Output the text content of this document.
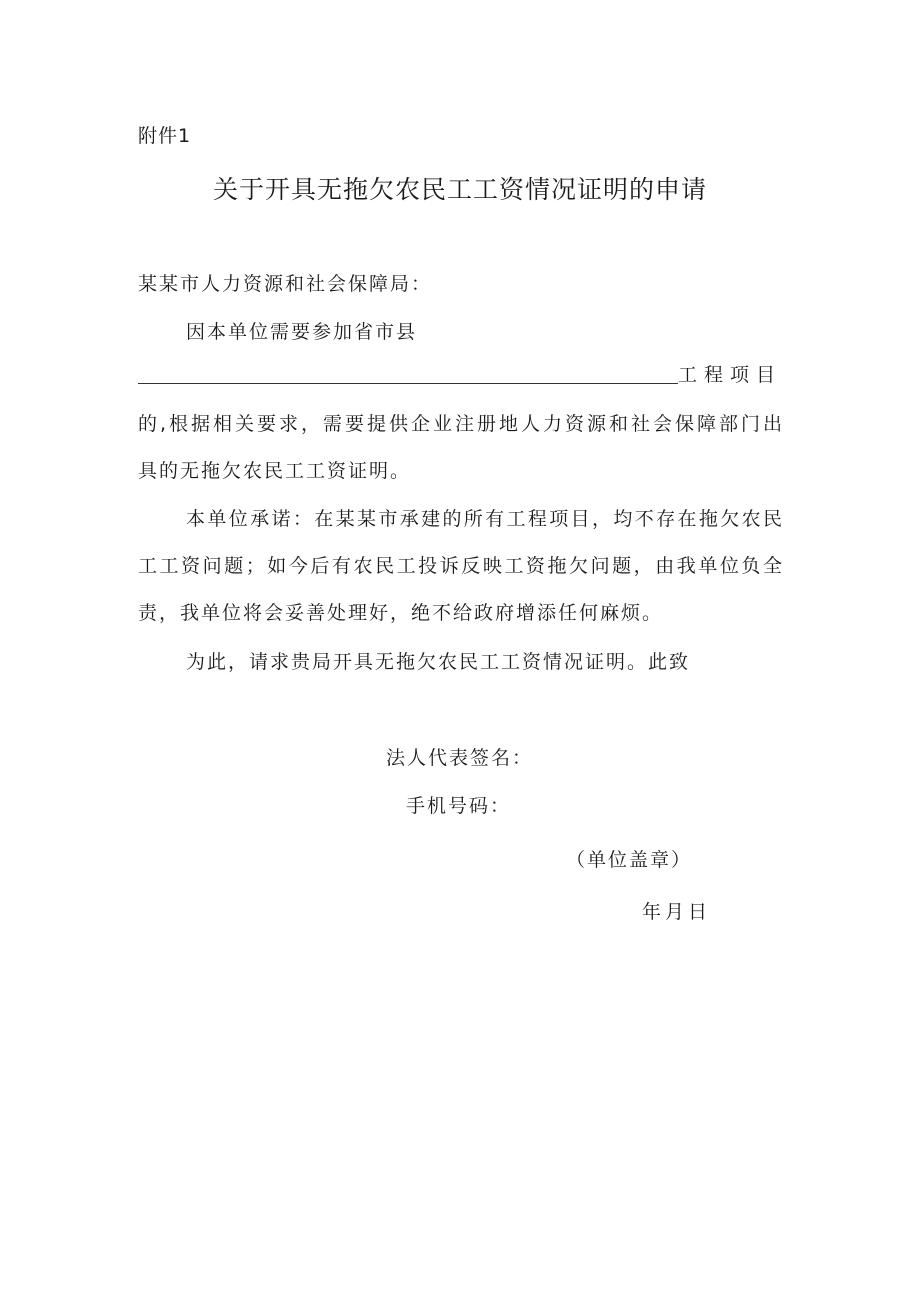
附件1
关于开具无拖欠农民工工资情况证明的申请
某某市人力资源和社会保障局：
因本单位需要参加省市县
工程项目
的,根据相关要求，需要提供企业注册地人力资源和社会保障部门出
具的无拖欠农民工工资证明。
本单位承诺：在某某市承建的所有工程项目，均不存在拖欠农民
工工资问题；如今后有农民工投诉反映工资拖欠问题，由我单位负全
责，我单位将会妥善处理好，绝不给政府增添任何麻烦。
为此，请求贵局开具无拖欠农民工工资情况证明。此致
法人代表签名：
手机号码：
（单位盖章）
年月日
